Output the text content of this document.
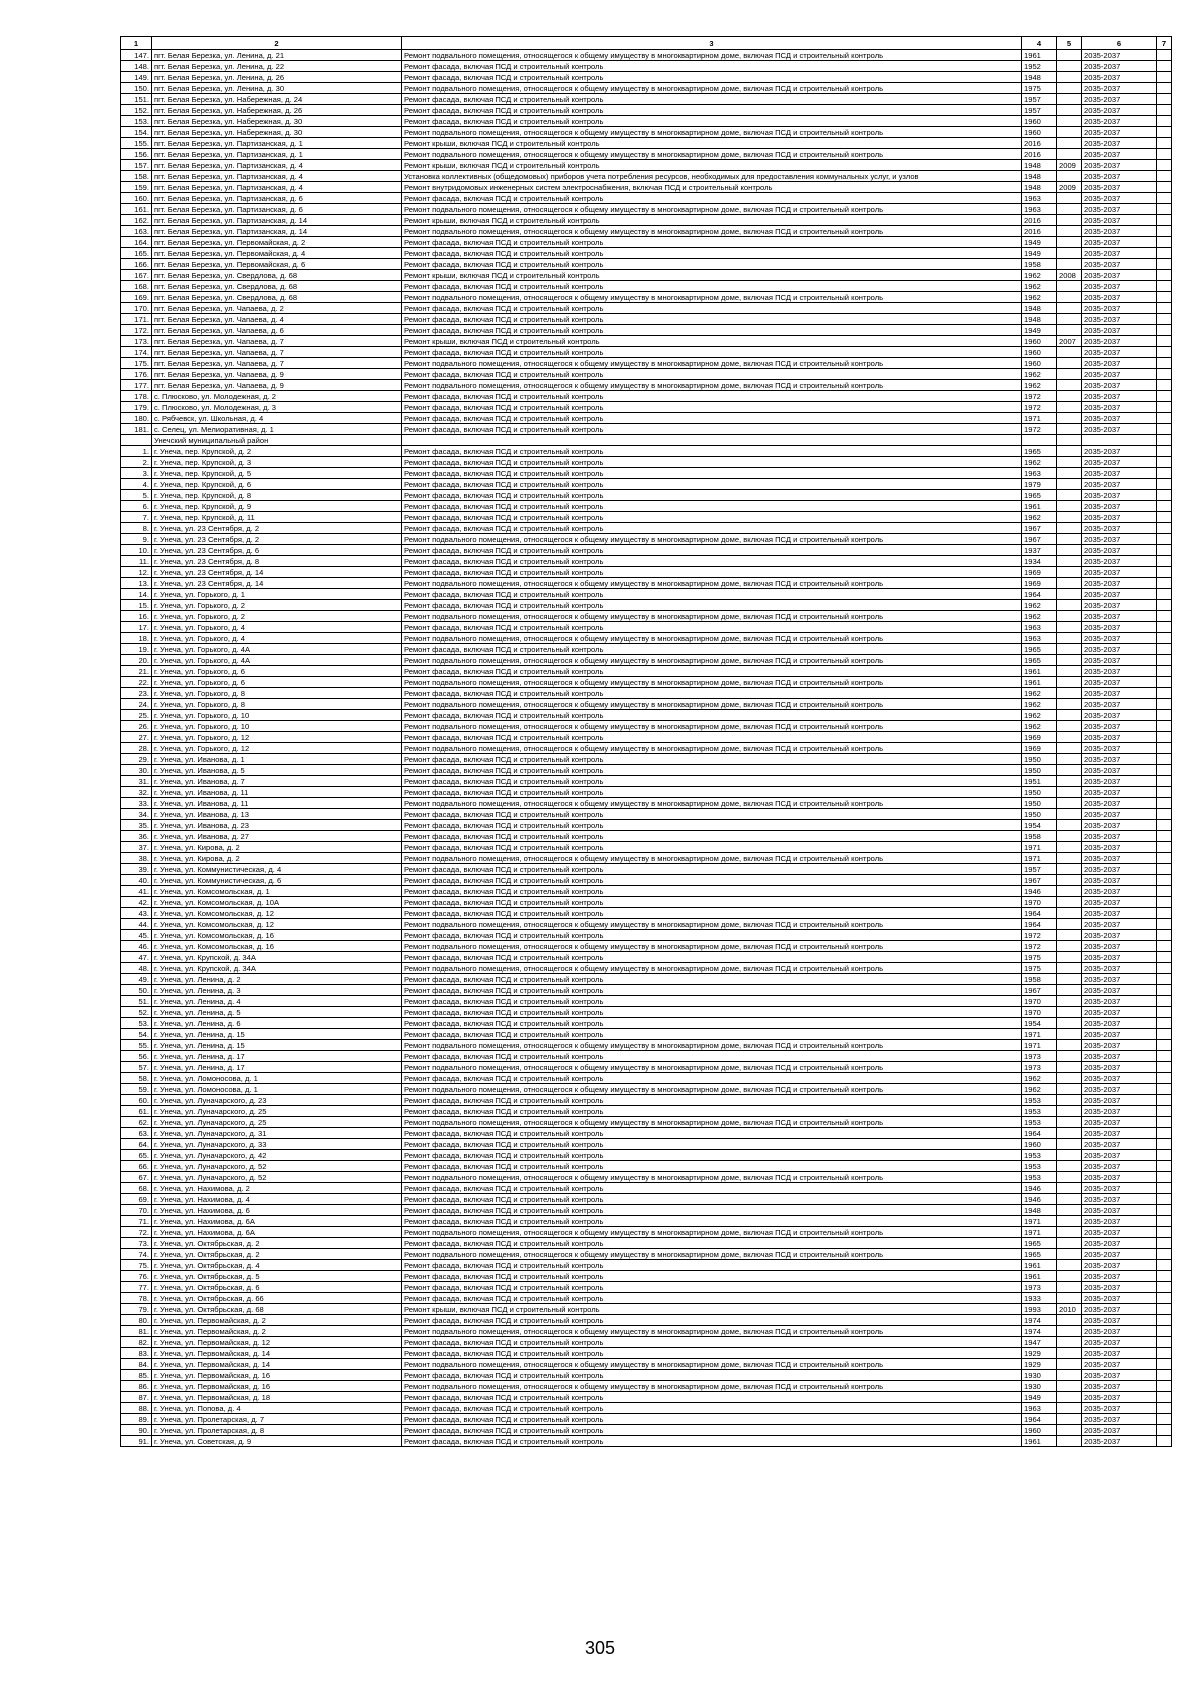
1	2	3	4	5	6	7
147.	пгт. Белая Березка, ул. Ленина, д. 21	Ремонт подвального помещения, относящегося к общему имуществу в многоквартирном доме, включая ПСД и строительный контроль	1961		2035-2037	
148.	пгт. Белая Березка, ул. Ленина, д. 22	Ремонт фасада, включая ПСД и строительный контроль	1952		2035-2037	
149.	пгт. Белая Березка, ул. Ленина, д. 26	Ремонт фасада, включая ПСД и строительный контроль	1948		2035-2037	
150.	пгт. Белая Березка, ул. Ленина, д. 30	Ремонт подвального помещения, относящегося к общему имуществу в многоквартирном доме, включая ПСД и строительный контроль	1975		2035-2037	
151.	пгт. Белая Березка, ул. Набережная, д. 24	Ремонт фасада, включая ПСД и строительный контроль	1957		2035-2037	
152.	пгт. Белая Березка, ул. Набережная, д. 26	Ремонт фасада, включая ПСД и строительный контроль	1957		2035-2037	
153.	пгт. Белая Березка, ул. Набережная, д. 30	Ремонт фасада, включая ПСД и строительный контроль	1960		2035-2037	
154.	пгт. Белая Березка, ул. Набережная, д. 30	Ремонт подвального помещения, относящегося к общему имуществу в многоквартирном доме, включая ПСД и строительный контроль	1960		2035-2037	
155.	пгт. Белая Березка, ул. Партизанская, д. 1	Ремонт крыши, включая ПСД и строительный контроль	2016		2035-2037	
156.	пгт. Белая Березка, ул. Партизанская, д. 1	Ремонт подвального помещения, относящегося к общему имуществу в многоквартирном доме, включая ПСД и строительный контроль	2016		2035-2037	
157.	пгт. Белая Березка, ул. Партизанская, д. 4	Ремонт крыши, включая ПСД и строительный контроль	1948	2009	2035-2037	
158.	пгт. Белая Березка, ул. Партизанская, д. 4	Установка коллективных (общедомовых) приборов учета потребления ресурсов, необходимых для предоставления коммунальных услуг, и узлов	1948		2035-2037	
159.	пгт. Белая Березка, ул. Партизанская, д. 4	Ремонт внутридомовых инженерных систем электроснабжения, включая ПСД и строительный контроль	1948	2009	2035-2037	
160.	пгт. Белая Березка, ул. Партизанская, д. 6	Ремонт фасада, включая ПСД и строительный контроль	1963		2035-2037	
161.	пгт. Белая Березка, ул. Партизанская, д. 6	Ремонт подвального помещения, относящегося к общему имуществу в многоквартирном доме, включая ПСД и строительный контроль	1963		2035-2037	
162.	пгт. Белая Березка, ул. Партизанская, д. 14	Ремонт крыши, включая ПСД и строительный контроль	2016		2035-2037	
163.	пгт. Белая Березка, ул. Партизанская, д. 14	Ремонт подвального помещения, относящегося к общему имуществу в многоквартирном доме, включая ПСД и строительный контроль	2016		2035-2037	
164.	пгт. Белая Березка, ул. Первомайская, д. 2	Ремонт фасада, включая ПСД и строительный контроль	1949		2035-2037	
165.	пгт. Белая Березка, ул. Первомайская, д. 4	Ремонт фасада, включая ПСД и строительный контроль	1949		2035-2037	
166.	пгт. Белая Березка, ул. Первомайская, д. 6	Ремонт фасада, включая ПСД и строительный контроль	1958		2035-2037	
167.	пгт. Белая Березка, ул. Свердлова, д. 68	Ремонт крыши, включая ПСД и строительный контроль	1962	2008	2035-2037	
168.	пгт. Белая Березка, ул. Свердлова, д. 68	Ремонт фасада, включая ПСД и строительный контроль	1962		2035-2037	
169.	пгт. Белая Березка, ул. Свердлова, д. 68	Ремонт подвального помещения, относящегося к общему имуществу в многоквартирном доме, включая ПСД и строительный контроль	1962		2035-2037	
170.	пгт. Белая Березка, ул. Чапаева, д. 2	Ремонт фасада, включая ПСД и строительный контроль	1948		2035-2037	
171.	пгт. Белая Березка, ул. Чапаева, д. 4	Ремонт фасада, включая ПСД и строительный контроль	1948		2035-2037	
172.	пгт. Белая Березка, ул. Чапаева, д. 6	Ремонт фасада, включая ПСД и строительный контроль	1949		2035-2037	
173.	пгт. Белая Березка, ул. Чапаева, д. 7	Ремонт крыши, включая ПСД и строительный контроль	1960	2007	2035-2037	
174.	пгт. Белая Березка, ул. Чапаева, д. 7	Ремонт фасада, включая ПСД и строительный контроль	1960		2035-2037	
175.	пгт. Белая Березка, ул. Чапаева, д. 7	Ремонт подвального помещения, относящегося к общему имуществу в многоквартирном доме, включая ПСД и строительный контроль	1960		2035-2037	
176.	пгт. Белая Березка, ул. Чапаева, д. 9	Ремонт фасада, включая ПСД и строительный контроль	1962		2035-2037	
177.	пгт. Белая Березка, ул. Чапаева, д. 9	Ремонт подвального помещения, относящегося к общему имуществу в многоквартирном доме, включая ПСД и строительный контроль	1962		2035-2037	
178.	с. Плюсково, ул. Молодежная, д. 2	Ремонт фасада, включая ПСД и строительный контроль	1972		2035-2037	
179.	с. Плюсково, ул. Молодежная, д. 3	Ремонт фасада, включая ПСД и строительный контроль	1972		2035-2037	
180.	с. Рябчевск, ул. Школьная, д. 4	Ремонт фасада, включая ПСД и строительный контроль	1971		2035-2037	
181.	с. Селец, ул. Мелиоративная, д. 1	Ремонт фасада, включая ПСД и строительный контроль	1972		2035-2037	
	Унечский муниципальный район					
1.	г. Унеча, пер. Крупской, д. 2	Ремонт фасада, включая ПСД и строительный контроль	1965		2035-2037	
2.	г. Унеча, пер. Крупской, д. 3	Ремонт фасада, включая ПСД и строительный контроль	1962		2035-2037	
3.	г. Унеча, пер. Крупской, д. 5	Ремонт фасада, включая ПСД и строительный контроль	1963		2035-2037	
4.	г. Унеча, пер. Крупской, д. 6	Ремонт фасада, включая ПСД и строительный контроль	1979		2035-2037	
5.	г. Унеча, пер. Крупской, д. 8	Ремонт фасада, включая ПСД и строительный контроль	1965		2035-2037	
6.	г. Унеча, пер. Крупской, д. 9	Ремонт фасада, включая ПСД и строительный контроль	1961		2035-2037	
7.	г. Унеча, пер. Крупской, д. 11	Ремонт фасада, включая ПСД и строительный контроль	1962		2035-2037	
8.	г. Унеча, ул. 23 Сентября, д. 2	Ремонт фасада, включая ПСД и строительный контроль	1967		2035-2037	
9.	г. Унеча, ул. 23 Сентября, д. 2	Ремонт подвального помещения, относящегося к общему имуществу в многоквартирном доме, включая ПСД и строительный контроль	1967		2035-2037	
10.	г. Унеча, ул. 23 Сентября, д. 6	Ремонт фасада, включая ПСД и строительный контроль	1937		2035-2037	
11.	г. Унеча, ул. 23 Сентября, д. 8	Ремонт фасада, включая ПСД и строительный контроль	1934		2035-2037	
12.	г. Унеча, ул. 23 Сентября, д. 14	Ремонт фасада, включая ПСД и строительный контроль	1969		2035-2037	
13.	г. Унеча, ул. 23 Сентября, д. 14	Ремонт подвального помещения, относящегося к общему имуществу в многоквартирном доме, включая ПСД и строительный контроль	1969		2035-2037	
14.	г. Унеча, ул. Горького, д. 1	Ремонт фасада, включая ПСД и строительный контроль	1964		2035-2037	
15.	г. Унеча, ул. Горького, д. 2	Ремонт фасада, включая ПСД и строительный контроль	1962		2035-2037	
16.	г. Унеча, ул. Горького, д. 2	Ремонт подвального помещения, относящегося к общему имуществу в многоквартирном доме, включая ПСД и строительный контроль	1962		2035-2037	
17.	г. Унеча, ул. Горького, д. 4	Ремонт фасада, включая ПСД и строительный контроль	1963		2035-2037	
18.	г. Унеча, ул. Горького, д. 4	Ремонт подвального помещения, относящегося к общему имуществу в многоквартирном доме, включая ПСД и строительный контроль	1963		2035-2037	
19.	г. Унеча, ул. Горького, д. 4А	Ремонт фасада, включая ПСД и строительный контроль	1965		2035-2037	
20.	г. Унеча, ул. Горького, д. 4А	Ремонт подвального помещения, относящегося к общему имуществу в многоквартирном доме, включая ПСД и строительный контроль	1965		2035-2037	
21.	г. Унеча, ул. Горького, д. 6	Ремонт фасада, включая ПСД и строительный контроль	1961		2035-2037	
22.	г. Унеча, ул. Горького, д. 6	Ремонт подвального помещения, относящегося к общему имуществу в многоквартирном доме, включая ПСД и строительный контроль	1961		2035-2037	
23.	г. Унеча, ул. Горького, д. 8	Ремонт фасада, включая ПСД и строительный контроль	1962		2035-2037	
24.	г. Унеча, ул. Горького, д. 8	Ремонт подвального помещения, относящегося к общему имуществу в многоквартирном доме, включая ПСД и строительный контроль	1962		2035-2037	
25.	г. Унеча, ул. Горького, д. 10	Ремонт фасада, включая ПСД и строительный контроль	1962		2035-2037	
26.	г. Унеча, ул. Горького, д. 10	Ремонт подвального помещения, относящегося к общему имуществу в многоквартирном доме, включая ПСД и строительный контроль	1962		2035-2037	
27.	г. Унеча, ул. Горького, д. 12	Ремонт фасада, включая ПСД и строительный контроль	1969		2035-2037	
28.	г. Унеча, ул. Горького, д. 12	Ремонт подвального помещения, относящегося к общему имуществу в многоквартирном доме, включая ПСД и строительный контроль	1969		2035-2037	
29.	г. Унеча, ул. Иванова, д. 1	Ремонт фасада, включая ПСД и строительный контроль	1950		2035-2037	
30.	г. Унеча, ул. Иванова, д. 5	Ремонт фасада, включая ПСД и строительный контроль	1950		2035-2037	
31.	г. Унеча, ул. Иванова, д. 7	Ремонт фасада, включая ПСД и строительный контроль	1951		2035-2037	
32.	г. Унеча, ул. Иванова, д. 11	Ремонт фасада, включая ПСД и строительный контроль	1950		2035-2037	
33.	г. Унеча, ул. Иванова, д. 11	Ремонт подвального помещения, относящегося к общему имуществу в многоквартирном доме, включая ПСД и строительный контроль	1950		2035-2037	
34.	г. Унеча, ул. Иванова, д. 13	Ремонт фасада, включая ПСД и строительный контроль	1950		2035-2037	
35.	г. Унеча, ул. Иванова, д. 23	Ремонт фасада, включая ПСД и строительный контроль	1954		2035-2037	
36.	г. Унеча, ул. Иванова, д. 27	Ремонт фасада, включая ПСД и строительный контроль	1958		2035-2037	
37.	г. Унеча, ул. Кирова, д. 2	Ремонт фасада, включая ПСД и строительный контроль	1971		2035-2037	
38.	г. Унеча, ул. Кирова, д. 2	Ремонт подвального помещения, относящегося к общему имуществу в многоквартирном доме, включая ПСД и строительный контроль	1971		2035-2037	
39.	г. Унеча, ул. Коммунистическая, д. 4	Ремонт фасада, включая ПСД и строительный контроль	1957		2035-2037	
40.	г. Унеча, ул. Коммунистическая, д. 6	Ремонт фасада, включая ПСД и строительный контроль	1967		2035-2037	
41.	г. Унеча, ул. Комсомольская, д. 1	Ремонт фасада, включая ПСД и строительный контроль	1946		2035-2037	
42.	г. Унеча, ул. Комсомольская, д. 10А	Ремонт фасада, включая ПСД и строительный контроль	1970		2035-2037	
43.	г. Унеча, ул. Комсомольская, д. 12	Ремонт фасада, включая ПСД и строительный контроль	1964		2035-2037	
44.	г. Унеча, ул. Комсомольская, д. 12	Ремонт подвального помещения, относящегося к общему имуществу в многоквартирном доме, включая ПСД и строительный контроль	1964		2035-2037	
45.	г. Унеча, ул. Комсомольская, д. 16	Ремонт фасада, включая ПСД и строительный контроль	1972		2035-2037	
46.	г. Унеча, ул. Комсомольская, д. 16	Ремонт подвального помещения, относящегося к общему имуществу в многоквартирном доме, включая ПСД и строительный контроль	1972		2035-2037	
47.	г. Унеча, ул. Крупской, д. 34А	Ремонт фасада, включая ПСД и строительный контроль	1975		2035-2037	
48.	г. Унеча, ул. Крупской, д. 34А	Ремонт подвального помещения, относящегося к общему имуществу в многоквартирном доме, включая ПСД и строительный контроль	1975		2035-2037	
49.	г. Унеча, ул. Ленина, д. 2	Ремонт фасада, включая ПСД и строительный контроль	1958		2035-2037	
50.	г. Унеча, ул. Ленина, д. 3	Ремонт фасада, включая ПСД и строительный контроль	1967		2035-2037	
51.	г. Унеча, ул. Ленина, д. 4	Ремонт фасада, включая ПСД и строительный контроль	1970		2035-2037	
52.	г. Унеча, ул. Ленина, д. 5	Ремонт фасада, включая ПСД и строительный контроль	1970		2035-2037	
53.	г. Унеча, ул. Ленина, д. 6	Ремонт фасада, включая ПСД и строительный контроль	1954		2035-2037	
54.	г. Унеча, ул. Ленина, д. 15	Ремонт фасада, включая ПСД и строительный контроль	1971		2035-2037	
55.	г. Унеча, ул. Ленина, д. 15	Ремонт подвального помещения, относящегося к общему имуществу в многоквартирном доме, включая ПСД и строительный контроль	1971		2035-2037	
56.	г. Унеча, ул. Ленина, д. 17	Ремонт фасада, включая ПСД и строительный контроль	1973		2035-2037	
57.	г. Унеча, ул. Ленина, д. 17	Ремонт подвального помещения, относящегося к общему имуществу в многоквартирном доме, включая ПСД и строительный контроль	1973		2035-2037	
58.	г. Унеча, ул. Ломоносова, д. 1	Ремонт фасада, включая ПСД и строительный контроль	1962		2035-2037	
59.	г. Унеча, ул. Ломоносова, д. 1	Ремонт подвального помещения, относящегося к общему имуществу в многоквартирном доме, включая ПСД и строительный контроль	1962		2035-2037	
60.	г. Унеча, ул. Луначарского, д. 23	Ремонт фасада, включая ПСД и строительный контроль	1953		2035-2037	
61.	г. Унеча, ул. Луначарского, д. 25	Ремонт фасада, включая ПСД и строительный контроль	1953		2035-2037	
62.	г. Унеча, ул. Луначарского, д. 25	Ремонт подвального помещения, относящегося к общему имуществу в многоквартирном доме, включая ПСД и строительный контроль	1953		2035-2037	
63.	г. Унеча, ул. Луначарского, д. 31	Ремонт фасада, включая ПСД и строительный контроль	1964		2035-2037	
64.	г. Унеча, ул. Луначарского, д. 33	Ремонт фасада, включая ПСД и строительный контроль	1960		2035-2037	
65.	г. Унеча, ул. Луначарского, д. 42	Ремонт фасада, включая ПСД и строительный контроль	1953		2035-2037	
66.	г. Унеча, ул. Луначарского, д. 52	Ремонт фасада, включая ПСД и строительный контроль	1953		2035-2037	
67.	г. Унеча, ул. Луначарского, д. 52	Ремонт подвального помещения, относящегося к общему имуществу в многоквартирном доме, включая ПСД и строительный контроль	1953		2035-2037	
68.	г. Унеча, ул. Нахимова, д. 2	Ремонт фасада, включая ПСД и строительный контроль	1946		2035-2037	
69.	г. Унеча, ул. Нахимова, д. 4	Ремонт фасада, включая ПСД и строительный контроль	1946		2035-2037	
70.	г. Унеча, ул. Нахимова, д. 6	Ремонт фасада, включая ПСД и строительный контроль	1948		2035-2037	
71.	г. Унеча, ул. Нахимова, д. 6А	Ремонт фасада, включая ПСД и строительный контроль	1971		2035-2037	
72.	г. Унеча, ул. Нахимова, д. 6А	Ремонт подвального помещения, относящегося к общему имуществу в многоквартирном доме, включая ПСД и строительный контроль	1971		2035-2037	
73.	г. Унеча, ул. Октябрьская, д. 2	Ремонт фасада, включая ПСД и строительный контроль	1965		2035-2037	
74.	г. Унеча, ул. Октябрьская, д. 2	Ремонт подвального помещения, относящегося к общему имуществу в многоквартирном доме, включая ПСД и строительный контроль	1965		2035-2037	
75.	г. Унеча, ул. Октябрьская, д. 4	Ремонт фасада, включая ПСД и строительный контроль	1961		2035-2037	
76.	г. Унеча, ул. Октябрьская, д. 5	Ремонт фасада, включая ПСД и строительный контроль	1961		2035-2037	
77.	г. Унеча, ул. Октябрьская, д. 6	Ремонт фасада, включая ПСД и строительный контроль	1973		2035-2037	
78.	г. Унеча, ул. Октябрьская, д. 66	Ремонт фасада, включая ПСД и строительный контроль	1933		2035-2037	
79.	г. Унеча, ул. Октябрьская, д. 68	Ремонт крыши, включая ПСД и строительный контроль	1993	2010	2035-2037	
80.	г. Унеча, ул. Первомайская, д. 2	Ремонт фасада, включая ПСД и строительный контроль	1974		2035-2037	
81.	г. Унеча, ул. Первомайская, д. 2	Ремонт подвального помещения, относящегося к общему имуществу в многоквартирном доме, включая ПСД и строительный контроль	1974		2035-2037	
82.	г. Унеча, ул. Первомайская, д. 12	Ремонт фасада, включая ПСД и строительный контроль	1947		2035-2037	
83.	г. Унеча, ул. Первомайская, д. 14	Ремонт фасада, включая ПСД и строительный контроль	1929		2035-2037	
84.	г. Унеча, ул. Первомайская, д. 14	Ремонт подвального помещения, относящегося к общему имуществу в многоквартирном доме, включая ПСД и строительный контроль	1929		2035-2037	
85.	г. Унеча, ул. Первомайская, д. 16	Ремонт фасада, включая ПСД и строительный контроль	1930		2035-2037	
86.	г. Унеча, ул. Первомайская, д. 16	Ремонт подвального помещения, относящегося к общему имуществу в многоквартирном доме, включая ПСД и строительный контроль	1930		2035-2037	
87.	г. Унеча, ул. Первомайская, д. 18	Ремонт фасада, включая ПСД и строительный контроль	1949		2035-2037	
88.	г. Унеча, ул. Попова, д. 4	Ремонт фасада, включая ПСД и строительный контроль	1963		2035-2037	
89.	г. Унеча, ул. Пролетарская, д. 7	Ремонт фасада, включая ПСД и строительный контроль	1964		2035-2037	
90.	г. Унеча, ул. Пролетарская, д. 8	Ремонт фасада, включая ПСД и строительный контроль	1960		2035-2037	
91.	г. Унеча, ул. Советская, д. 9	Ремонт фасада, включая ПСД и строительный контроль	1961		2035-2037	
305
